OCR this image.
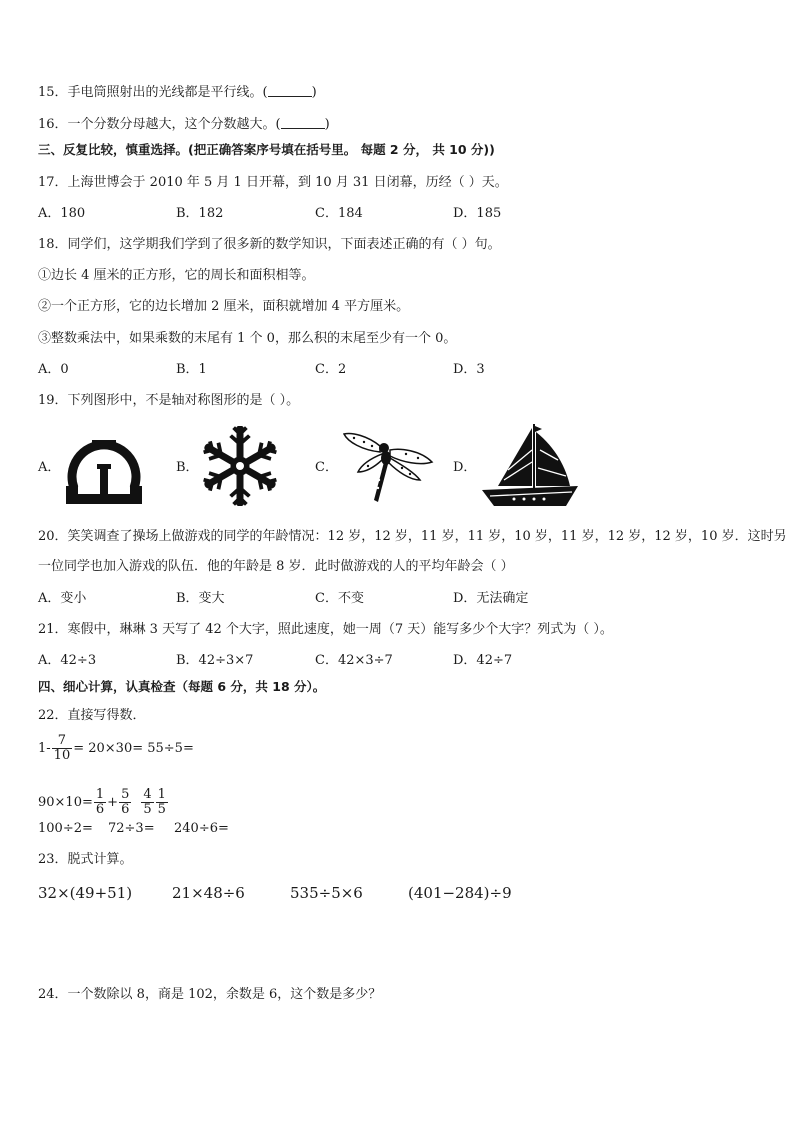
15．手电筒照射出的光线都是平行线。(	)
16．一个分数分母越大，这个分数越大。(	)
三、反复比较，慎重选择。(把正确答案序号填在括号里。 每题 2 分， 共 10 分))
17．上海世博会于 2010 年 5 月 1 日开幕，到 10 月 31 日闭幕，历经（ ）天。
A．180	B．182	C．184	D．185
18．同学们，这学期我们学到了很多新的数学知识，下面表述正确的有（ ）句。
①边长 4 厘米的正方形，它的周长和面积相等。
②一个正方形，它的边长增加 2 厘米，面积就增加 4 平方厘米。
③整数乘法中，如果乘数的末尾有 1 个 0，那么积的末尾至少有一个 0。
A．0	B．1	C．2	D．3
19．下列图形中，不是轴对称图形的是（ ）。
A．	B．	C．	D．
20．笑笑调查了操场上做游戏的同学的年龄情况：12 岁，12 岁，11 岁，11 岁，10 岁，11 岁，12 岁，12 岁，10 岁．这时另
一位同学也加入游戏的队伍．他的年龄是 8 岁．此时做游戏的人的平均年龄会（ ）
A．变小	B．变大	C．不变	D．无法确定
21．寒假中，琳琳 3 天写了 42 个大字，照此速度，她一周（7 天）能写多少个大字？列式为（ ）。
A．42÷3	B．42÷3×7	C．42×3÷7	D．42÷7
四、细心计算，认真检查（每题 6 分，共 18 分）。
22．直接写得数．
$1- \frac{7}{10} = 20\times 30= 55\div 5=$
$90\times 10= \frac{1}{6} + \frac{5}{6} \frac{4}{5} \frac{1}{5}$
100÷2= 72÷3= 240÷6=
23．脱式计算。
32×(49+51)	21×48÷6	535÷5×6	(401−284)÷9
24．一个数除以 8，商是 102，余数是 6，这个数是多少？
